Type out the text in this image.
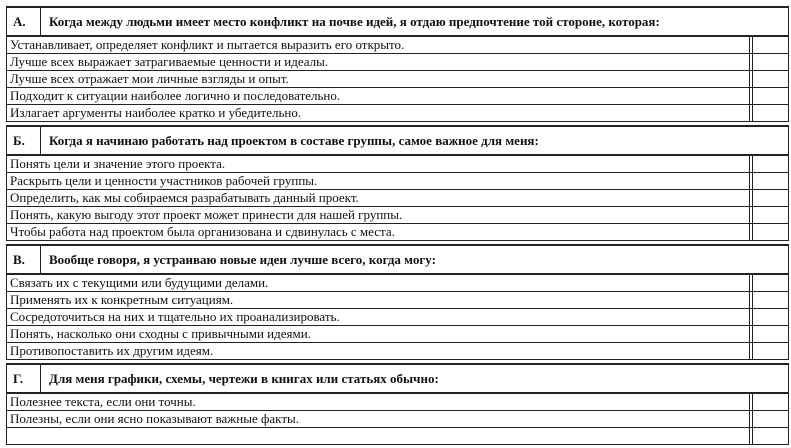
А.	Когда между людьми имеет место конфликт на почве идей, я отдаю предпочтение той стороне, которая:		
Устанавливает, определяет конфликт и пытается выразить его открыто.			
Лучше всех выражает затрагиваемые ценности и идеалы.			
Лучше всех отражает мои личные взгляды и опыт.			
Подходит к ситуации наиболее логично и последовательно.			
Излагает аргументы наиболее кратко и убедительно.			

Б.	Когда я начинаю работать над проектом в составе группы, самое важное для меня:		
Понять цели и значение этого проекта.			
Раскрыть цели и ценности участников рабочей группы.			
Определить, как мы собираемся разрабатывать данный проект.			
Понять, какую выгоду этот проект может принести для нашей группы.			
Чтобы работа над проектом была организована и сдвинулась с места.			

В.	Вообще говоря, я устраиваю новые идеи лучше всего, когда могу:		
Связать их с текущими или будущими делами.			
Применять их к конкретным ситуациям.			
Сосредоточиться на них и тщательно их проанализировать.			
Понять, насколько они сходны с привычными идеями.			
Противопоставить их другим идеям.			

Г.	Для меня графики, схемы, чертежи в книгах или статьях обычно:		
Полезнее текста, если они точны.			
Полезны, если они ясно показывают важные факты.			
